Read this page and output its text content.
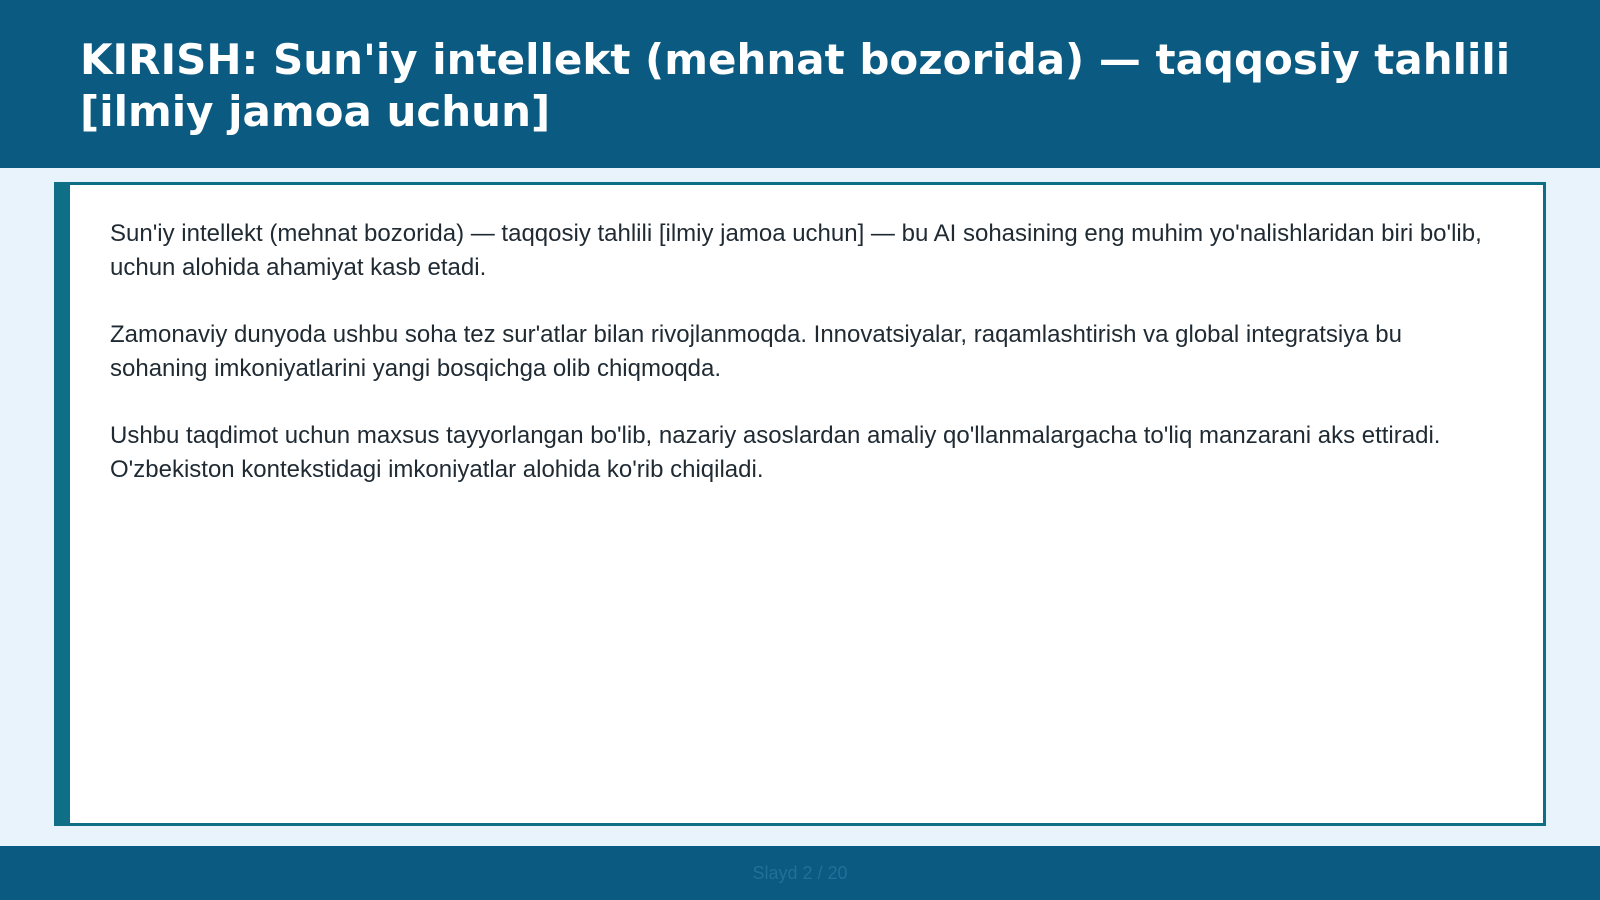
KIRISH: Sun'iy intellekt (mehnat bozorida) — taqqosiy tahlili [ilmiy jamoa uchun]

Sun'iy intellekt (mehnat bozorida) — taqqosiy tahlili [ilmiy jamoa uchun] — bu AI sohasining eng muhim yo'nalishlaridan biri bo'lib, uchun alohida ahamiyat kasb etadi.

Zamonaviy dunyoda ushbu soha tez sur'atlar bilan rivojlanmoqda. Innovatsiyalar, raqamlashtirish va global integratsiya bu sohaning imkoniyatlarini yangi bosqichga olib chiqmoqda.

Ushbu taqdimot uchun maxsus tayyorlangan bo'lib, nazariy asoslardan amaliy qo'llanmalargacha to'liq manzarani aks ettiradi. O'zbekiston kontekstidagi imkoniyatlar alohida ko'rib chiqiladi.

Slayd 2 / 20
